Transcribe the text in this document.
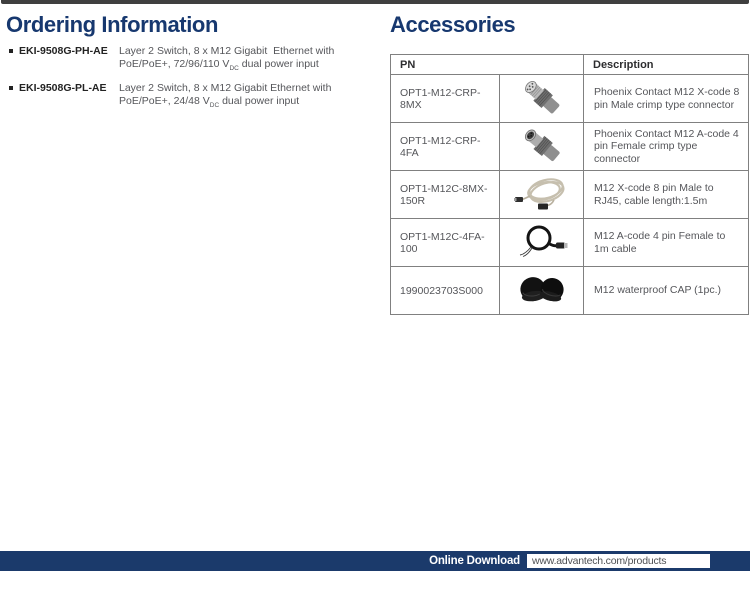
Ordering Information
EKI-9508G-PH-AE	Layer 2 Switch, 8 x M12 Gigabit  Ethernet with PoE/PoE+, 72/96/110 $V_{DC}$ dual power input
EKI-9508G-PL-AE	Layer 2 Switch, 8 x M12 Gigabit Ethernet with PoE/PoE+, 24/48 $V_{DC}$ dual power input
Accessories
PN		Description
OPT1-M12-CRP-8MX		Phoenix Contact M12 X-code 8 pin Male crimp type connector
OPT1-M12-CRP-4FA		Phoenix Contact M12 A-code 4 pin Female crimp type connector
OPT1-M12C-8MX-150R		M12 X-code 8 pin Male to RJ45, cable length:1.5m
OPT1-M12C-4FA-100		M12 A-code 4 pin Female to 1m cable
1990023703S000		M12 waterproof CAP (1pc.)
Online Download www.advantech.com/products
